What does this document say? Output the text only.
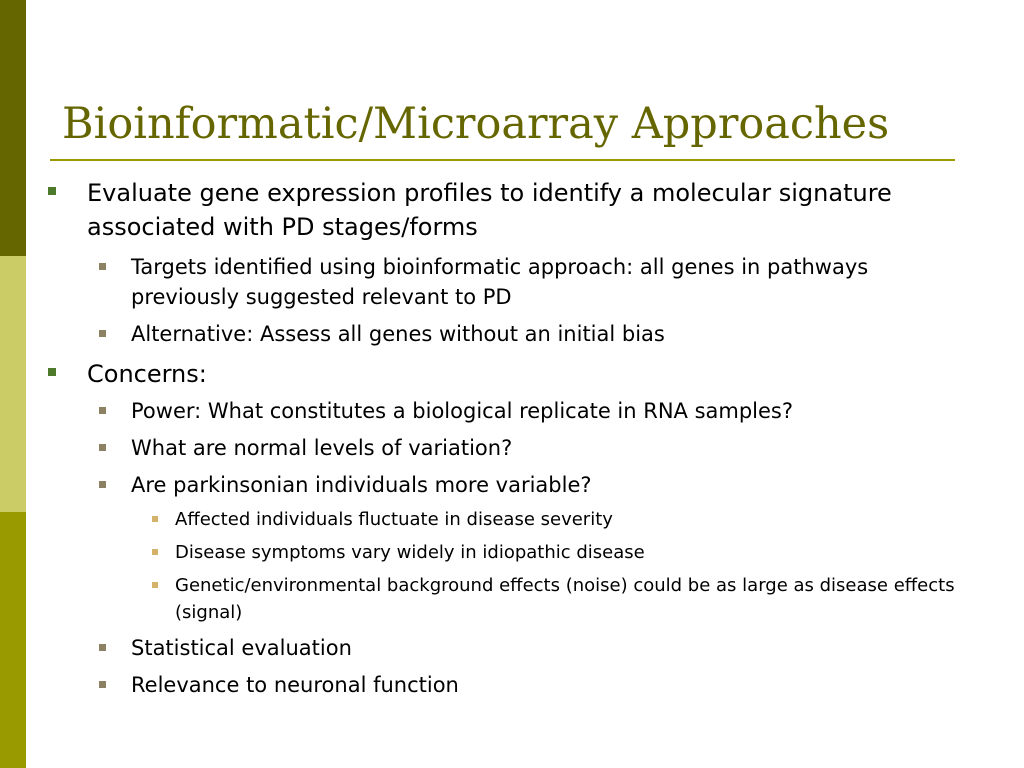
Bioinformatic/Microarray Approaches
Evaluate gene expression profiles to identify a molecular signature associated with PD stages/forms
Targets identified using bioinformatic approach: all genes in pathways previously suggested relevant to PD
Alternative: Assess all genes without an initial bias
Concerns:
Power: What constitutes a biological replicate in RNA samples?
What are normal levels of variation?
Are parkinsonian individuals more variable?
Affected individuals fluctuate in disease severity
Disease symptoms vary widely in idiopathic disease
Genetic/environmental background effects (noise) could be as large as disease effects (signal)
Statistical evaluation
Relevance to neuronal function
